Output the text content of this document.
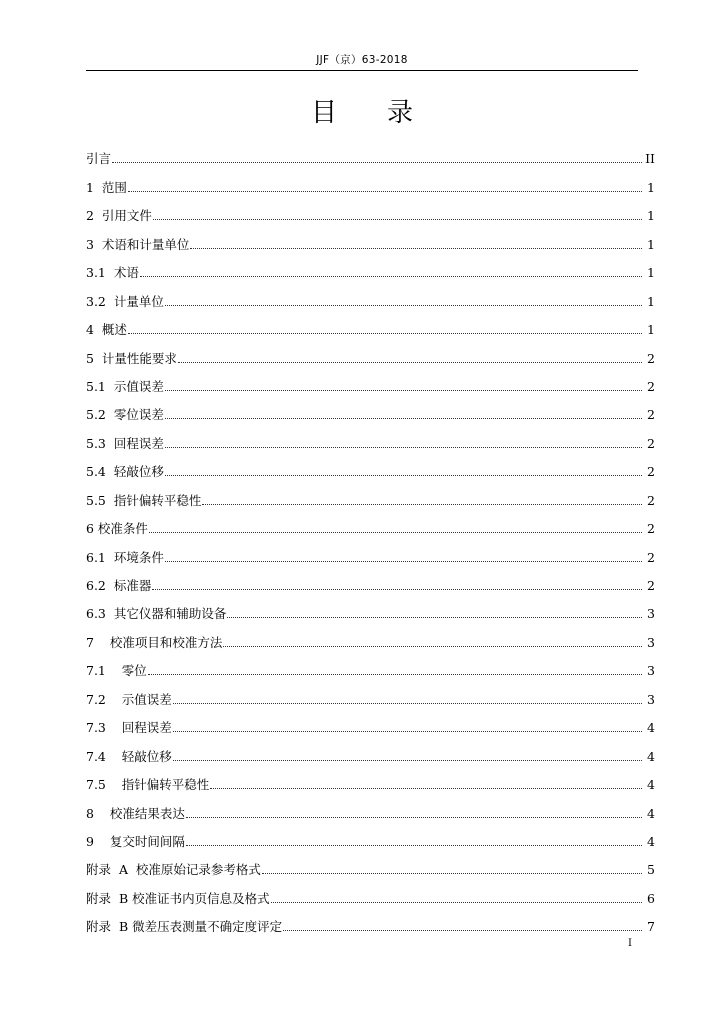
JJF（京）63-2018
目录
引言	II
1  范围	1
2  引用文件	1
3  术语和计量单位	1
3.1  术语	1
3.2  计量单位	1
4  概述	1
5  计量性能要求	2
5.1  示值误差	2
5.2  零位误差	2
5.3  回程误差	2
5.4  轻敲位移	2
5.5  指针偏转平稳性	2
6 校准条件	2
6.1  环境条件	2
6.2  标准器	2
6.3  其它仪器和辅助设备	3
7    校准项目和校准方法	3
7.1    零位	3
7.2    示值误差	3
7.3    回程误差	4
7.4    轻敲位移	4
7.5    指针偏转平稳性	4
8    校准结果表达	4
9    复交时间间隔	4
附录  A  校准原始记录参考格式	5
附录  B 校准证书内页信息及格式	6
附录  B 微差压表测量不确定度评定	7
I
